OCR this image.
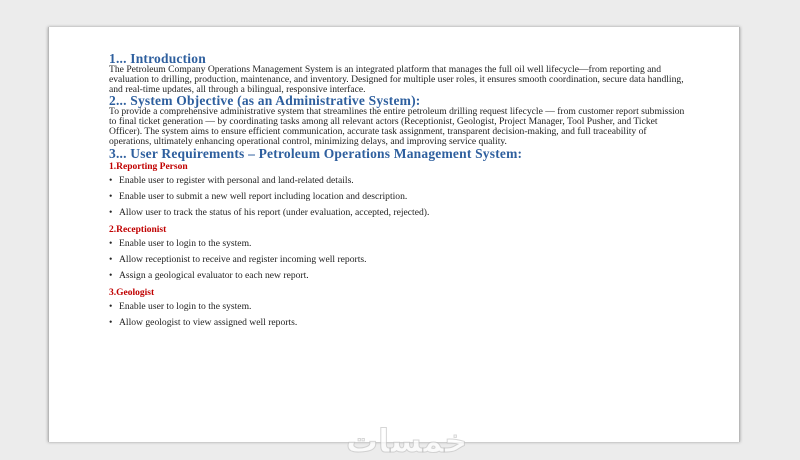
1... Introduction

The Petroleum Company Operations Management System is an integrated platform that manages the full oil well lifecycle—from reporting and evaluation to drilling, production, maintenance, and inventory. Designed for multiple user roles, it ensures smooth coordination, secure data handling, and real-time updates, all through a bilingual, responsive interface.

2... System Objective (as an Administrative System):

To provide a comprehensive administrative system that streamlines the entire petroleum drilling request lifecycle — from customer report submission to final ticket generation — by coordinating tasks among all relevant actors (Receptionist, Geologist, Project Manager, Tool Pusher, and Ticket Officer). The system aims to ensure efficient communication, accurate task assignment, transparent decision-making, and full traceability of operations, ultimately enhancing operational control, minimizing delays, and improving service quality.

3... User Requirements – Petroleum Operations Management System:
1.Reporting Person
• Enable user to register with personal and land-related details.
• Enable user to submit a new well report including location and description.
• Allow user to track the status of his report (under evaluation, accepted, rejected).
2.Receptionist
• Enable user to login to the system.
• Allow receptionist to receive and register incoming well reports.
• Assign a geological evaluator to each new report.
3.Geologist
• Enable user to login to the system.
• Allow geologist to view assigned well reports.
خمسات
